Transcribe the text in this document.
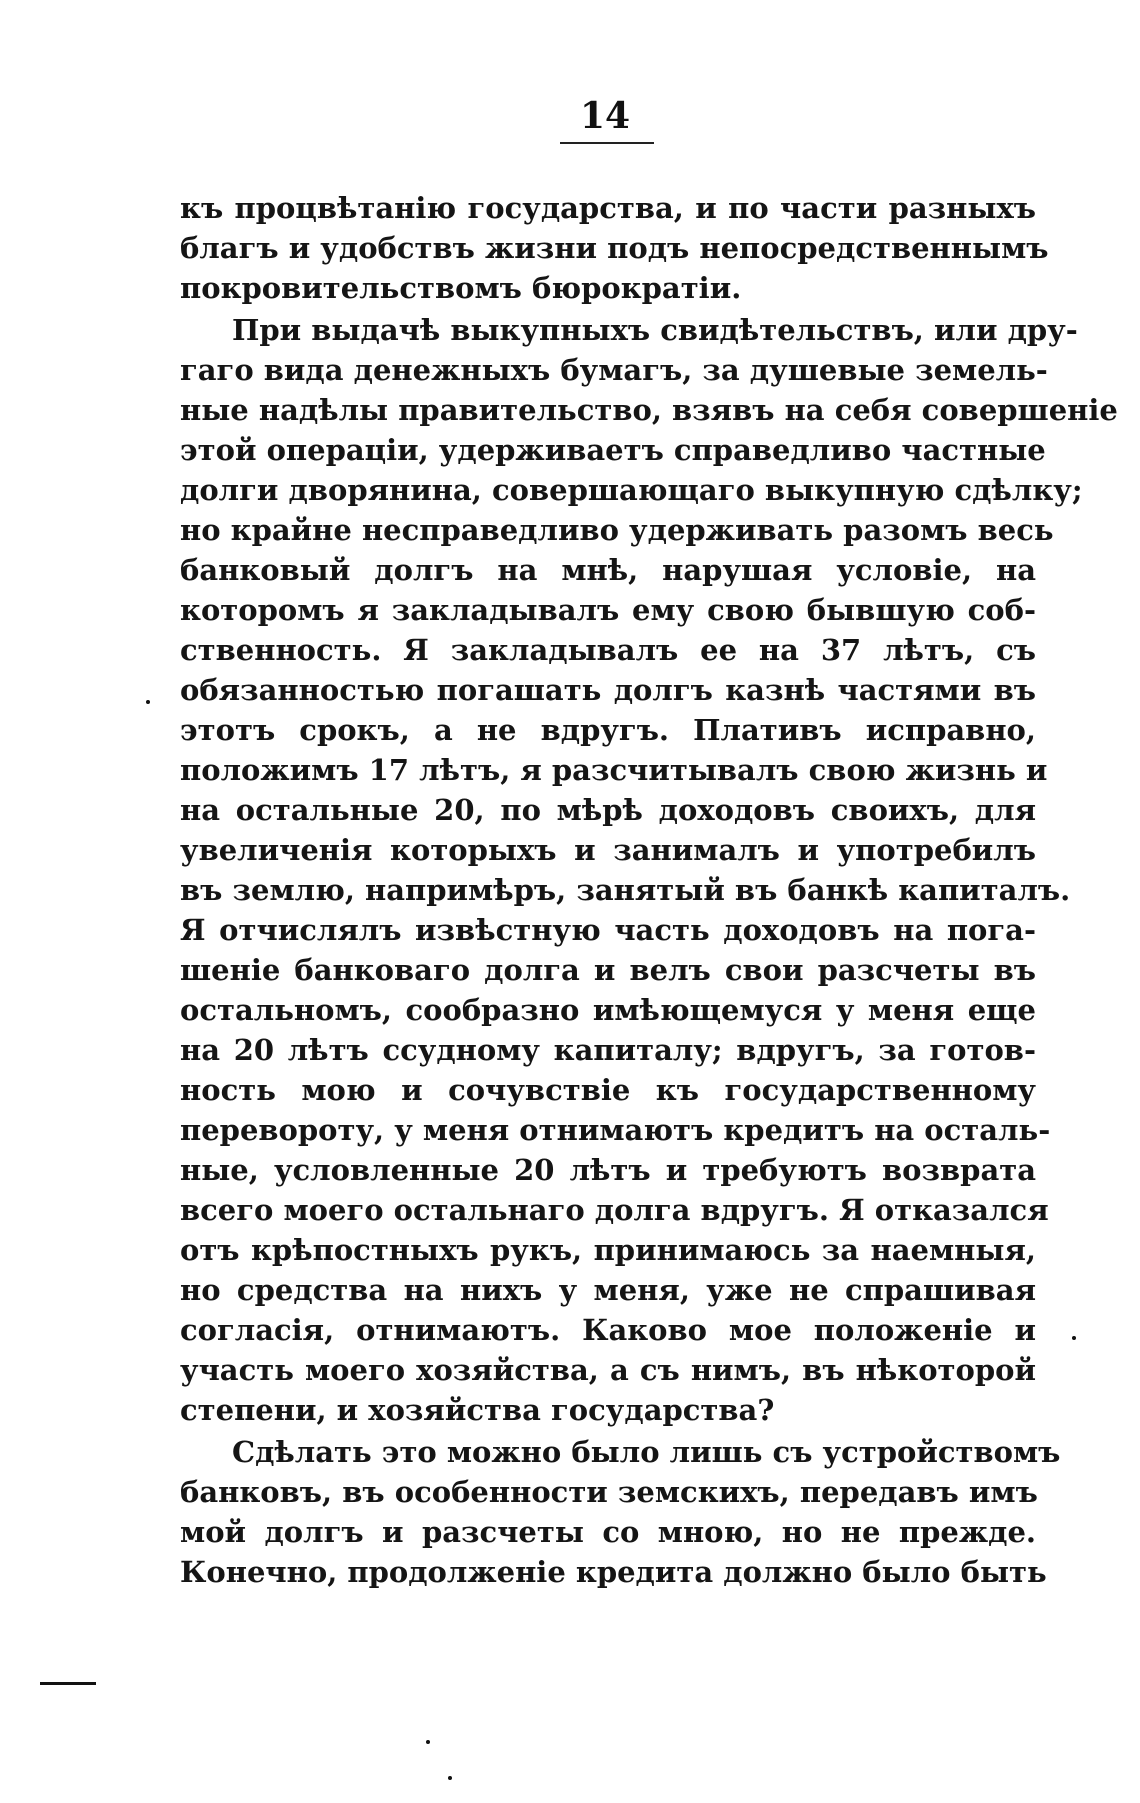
14
къ процвѣтанію государства, и по части разныхъ
благъ и удобствъ жизни подъ непосредственнымъ
покровительствомъ бюрократіи.
При выдачѣ выкупныхъ свидѣтельствъ, или дру-
гаго вида денежныхъ бумагъ, за душевые земель-
ные надѣлы правительство, взявъ на себя совершеніе
этой операціи, удерживаетъ справедливо частные
долги дворянина, совершающаго выкупную сдѣлку;
но крайне несправедливо удерживать разомъ весь
банковый долгъ на мнѣ, нарушая условіе, на
которомъ я закладывалъ ему свою бывшую соб-
ственность. Я закладывалъ ее на 37 лѣтъ, съ
обязанностью погашать долгъ казнѣ частями въ
этотъ срокъ, а не вдругъ. Плативъ исправно,
положимъ 17 лѣтъ, я разсчитывалъ свою жизнь и
на остальные 20, по мѣрѣ доходовъ своихъ, для
увеличенія которыхъ и занималъ и употребилъ
въ землю, напримѣръ, занятый въ банкѣ капиталъ.
Я отчислялъ извѣстную часть доходовъ на пога-
шеніе банковаго долга и велъ свои разсчеты въ
остальномъ, сообразно имѣющемуся у меня еще
на 20 лѣтъ ссудному капиталу; вдругъ, за готов-
ность мою и сочувствіе къ государственному
перевороту, у меня отнимаютъ кредитъ на осталь-
ные, условленные 20 лѣтъ и требуютъ возврата
всего моего остальнаго долга вдругъ. Я отказался
отъ крѣпостныхъ рукъ, принимаюсь за наемныя,
но средства на нихъ у меня, уже не спрашивая
согласія, отнимаютъ. Каково мое положеніе и
участь моего хозяйства, а съ нимъ, въ нѣкоторой
степени, и хозяйства государства?
Сдѣлать это можно было лишь съ устройствомъ
банковъ, въ особенности земскихъ, передавъ имъ
мой долгъ и разсчеты со мною, но не прежде.
Конечно, продолженіе кредита должно было быть
